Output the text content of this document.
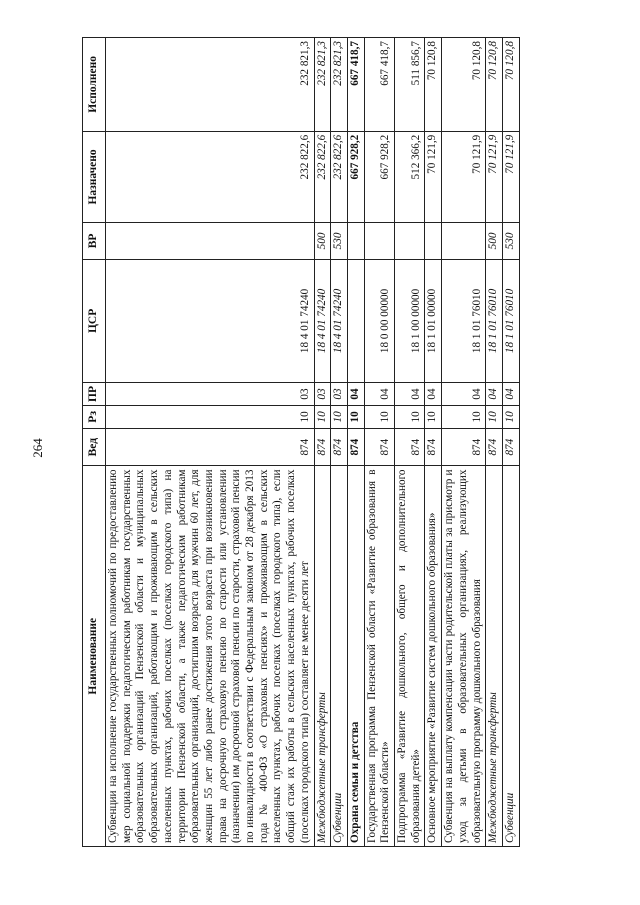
264
Наименование	Вед	Рз	ПР	ЦСР	ВР	Назначено	Исполнено
Субвенции на исполнение государственных полномочий по предоставлению мер социальной поддержки педагогическим работникам государственных образовательных организаций Пензенской области и муниципальных образовательных организаций, работающим и проживающим в сельских населенных пунктах, рабочих поселках (поселках городского типа) на территории Пензенской области, а также педагогическим работникам образовательных организаций, достигшим возраста для мужчин 60 лет, для женщин 55 лет либо ранее достижения этого возраста при возникновении права на досрочную страховую пенсию по старости или установлении (назначении) им досрочной страховой пенсии по старости, страховой пенсии по инвалидности в соответствии с Федеральным законом от 28 декабря 2013 года № 400-ФЗ «О страховых пенсиях» и проживающим в сельских населенных пунктах, рабочих поселках (поселках городского типа), если общий стаж их работы в сельских населенных пунктах, рабочих поселках (поселках городского типа) составляет не менее десяти лет	874	10	03	18 4 01 74240		232 822,6	232 821,3
Межбюджетные трансферты	874	10	03	18 4 01 74240	500	232 822,6	232 821,3
Субвенции	874	10	03	18 4 01 74240	530	232 822,6	232 821,3
Охрана семьи и детства	874	10	04			667 928,2	667 418,7
Государственная программа Пензенской области «Развитие образования в Пензенской области»	874	10	04	18 0 00 00000		667 928,2	667 418,7
Подпрограмма «Развитие дошкольного, общего и дополнительного образования детей»	874	10	04	18 1 00 00000		512 366,2	511 856,7
Основное мероприятие «Развитие систем дошкольного образования»	874	10	04	18 1 01 00000		70 121,9	70 120,8
Субвенция на выплату компенсации части родительской платы за присмотр и уход за детьми в образовательных организациях, реализующих образовательную программу дошкольного образования	874	10	04	18 1 01 76010		70 121,9	70 120,8
Межбюджетные трансферты	874	10	04	18 1 01 76010	500	70 121,9	70 120,8
Субвенции	874	10	04	18 1 01 76010	530	70 121,9	70 120,8
